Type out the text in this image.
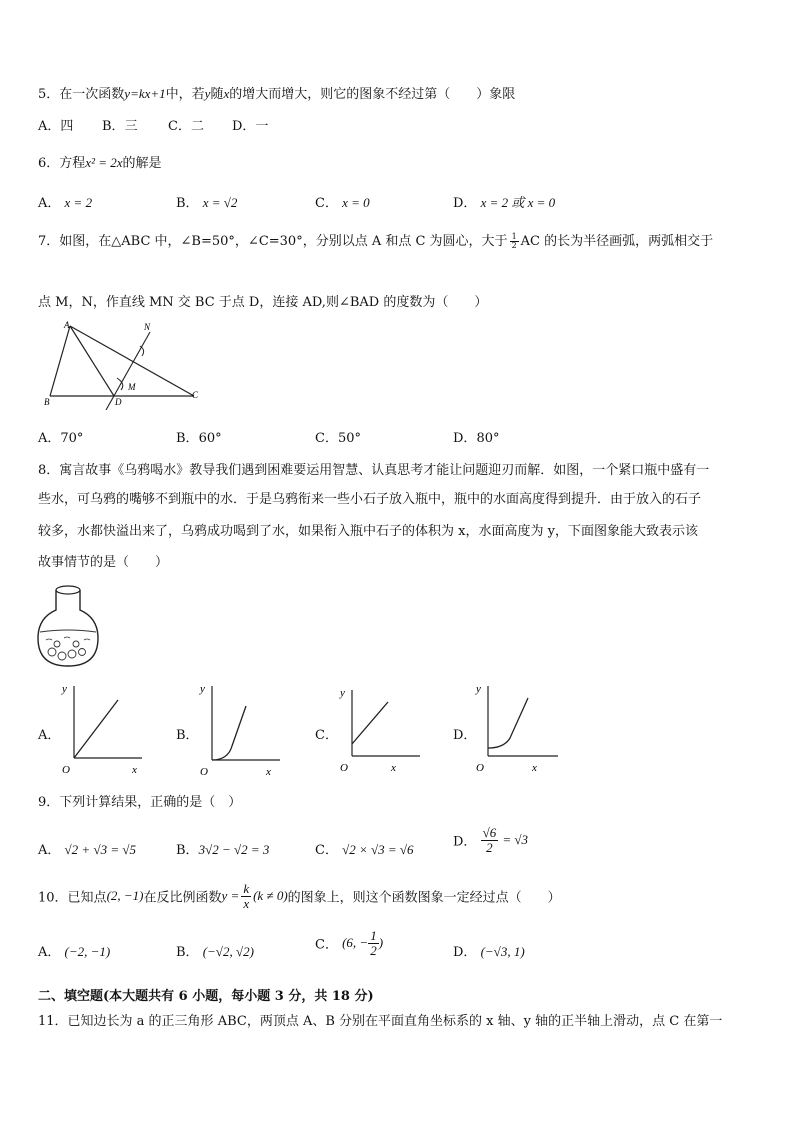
5．在一次函数y=kx+1中，若y随x的增大而增大，则它的图象不经过第（　　）象限
A．四 B．三 C．二 D．一
6．方程x² = 2x的解是
A． x = 2	B． x = √2	C． x = 0	D． x = 2 或 x = 0
7．如图，在△ABC 中，∠B=50°，∠C=30°，分别以点 A 和点 C 为圆心，大于 $\frac{1}{2}$ AC 的长为半径画弧，两弧相交于
点 M，N，作直线 MN 交 BC 于点 D，连接 AD,则∠BAD 的度数为（　　）
A
B
C
D
M
N
A．70°	B．60°	C．50°	D．80°
8．寓言故事《乌鸦喝水》教导我们遇到困难要运用智慧、认真思考才能让问题迎刃而解．如图，一个紧口瓶中盛有一
些水，可乌鸦的嘴够不到瓶中的水．于是乌鸦衔来一些小石子放入瓶中，瓶中的水面高度得到提升．由于放入的石子
较多，水都快溢出来了，乌鸦成功喝到了水，如果衔入瓶中石子的体积为 x，水面高度为 y，下面图象能大致表示该
故事情节的是（　　）
A．
y
x
O
B．
y
x
O
C．
y
x
O
D．
y
x
O
9．下列计算结果，正确的是（　）
A． √2 + √3 = √5	B．3√2 − √2 = 3	C． √2 × √3 = √6	D． $\frac{√6}{2} = √3$
10．已知点(2, −1)在反比例函数$y = \frac{k}{x} (k \ne 0)$的图象上，则这个函数图象一定经过点（　　）
A． (−2, −1)	B． (−√2, √2)	C． (6, − $\frac{1}{2}$ )
D． (−√3, 1)
二、填空题(本大题共有 6 小题，每小题 3 分，共 18 分)
11．已知边长为 a 的正三角形 ABC，两顶点 A、B 分别在平面直角坐标系的 x 轴、y 轴的正半轴上滑动，点 C 在第一
